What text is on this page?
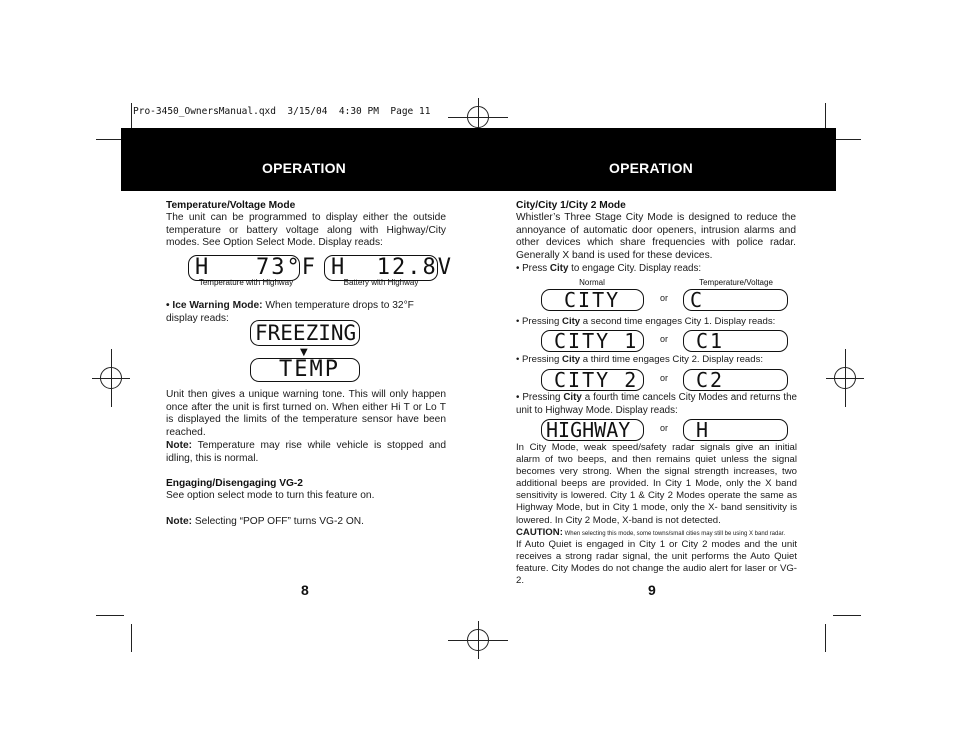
Pro-3450_OwnersManual.qxd  3/15/04  4:30 PM  Page 11
OPERATION	OPERATION
Temperature/Voltage Mode
The unit can be programmed to display either the outside temperature or battery voltage along with Highway/City modes. See Option Select Mode. Display reads:
H   73°F
Temperature with Highway
H  12.8V
Battery with Highway
• Ice Warning Mode: When temperature drops to 32°F
display reads:
FREEZING
▼
TEMP
Unit then gives a unique warning tone. This will only happen once after the unit is first turned on. When either Hi T or Lo T is displayed the limits of the temperature sensor have been reached.
Note: Temperature may rise while vehicle is stopped and idling, this is normal.
Engaging/Disengaging VG-2
See option select mode to turn this feature on.
Note: Selecting “POP OFF” turns VG-2 ON.
8
City/City 1/City 2 Mode
Whistler’s Three Stage City Mode is designed to reduce the annoyance of automatic door openers, intrusion alarms and other devices which share frequencies with police radar. Generally X band is used for these devices.
• Press City to engage City. Display reads:
Normal	Temperature/Voltage
CITY	or	C
• Pressing City a second time engages City 1. Display reads:
CITY 1 or	C1
• Pressing City a third time engages City 2. Display reads:
CITY 2 or	C2
• Pressing City a fourth time cancels City Modes and returns the unit to Highway Mode. Display reads:
HIGHWAY	or	H
In City Mode, weak speed/safety radar signals give an initial alarm of two beeps, and then remains quiet unless the signal becomes very strong. When the signal strength increases, two additional beeps are provided. In City 1 Mode, only the X band sensitivity is lowered. City 1 & City 2 Modes operate the same as Highway Mode, but in City 1 mode, only the X- band sensitivity is lowered. In City 2 Mode, X-band is not detected.
CAUTION: When selecting this mode, some towns/small cities may still be using X band radar.
If Auto Quiet is engaged in City 1 or City 2 modes and the unit receives a strong radar signal, the unit performs the Auto Quiet feature. City Modes do not change the audio alert for laser or VG-2.
9
